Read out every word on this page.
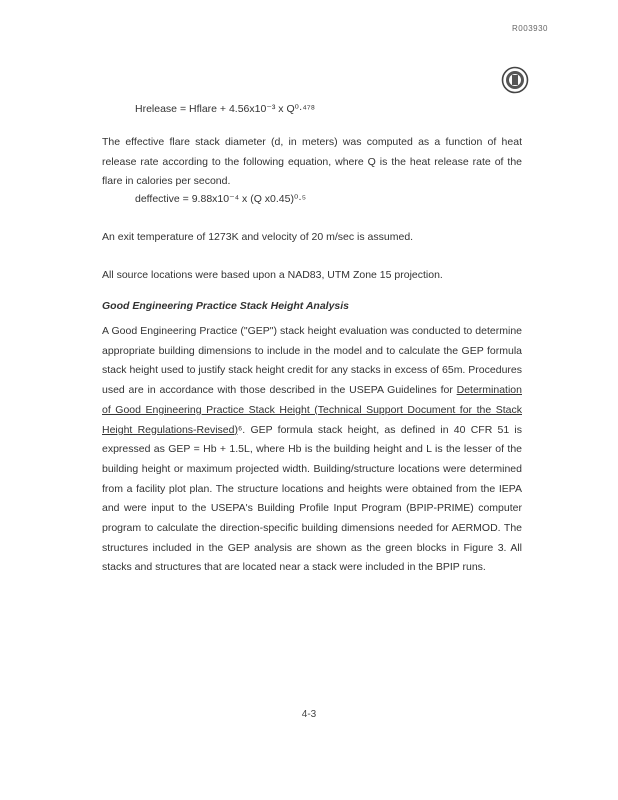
R003930
Hrelease = Hflare + 4.56x10⁻³ x Q⁰·⁴⁷⁸
The effective flare stack diameter (d, in meters) was computed as a function of heat release rate according to the following equation, where Q is the heat release rate of the flare in calories per second.
deffective = 9.88x10⁻⁴ x (Q x0.45)⁰·⁵
An exit temperature of 1273K and velocity of 20 m/sec is assumed.
All source locations were based upon a NAD83, UTM Zone 15 projection.
Good Engineering Practice Stack Height Analysis
A Good Engineering Practice ("GEP") stack height evaluation was conducted to determine appropriate building dimensions to include in the model and to calculate the GEP formula stack height used to justify stack height credit for any stacks in excess of 65m. Procedures used are in accordance with those described in the USEPA Guidelines for Determination of Good Engineering Practice Stack Height (Technical Support Document for the Stack Height Regulations-Revised)⁶. GEP formula stack height, as defined in 40 CFR 51 is expressed as GEP = Hb + 1.5L, where Hb is the building height and L is the lesser of the building height or maximum projected width. Building/structure locations were determined from a facility plot plan. The structure locations and heights were obtained from the IEPA and were input to the USEPA's Building Profile Input Program (BPIP-PRIME) computer program to calculate the direction-specific building dimensions needed for AERMOD. The structures included in the GEP analysis are shown as the green blocks in Figure 3. All stacks and structures that are located near a stack were included in the BPIP runs.
4-3
